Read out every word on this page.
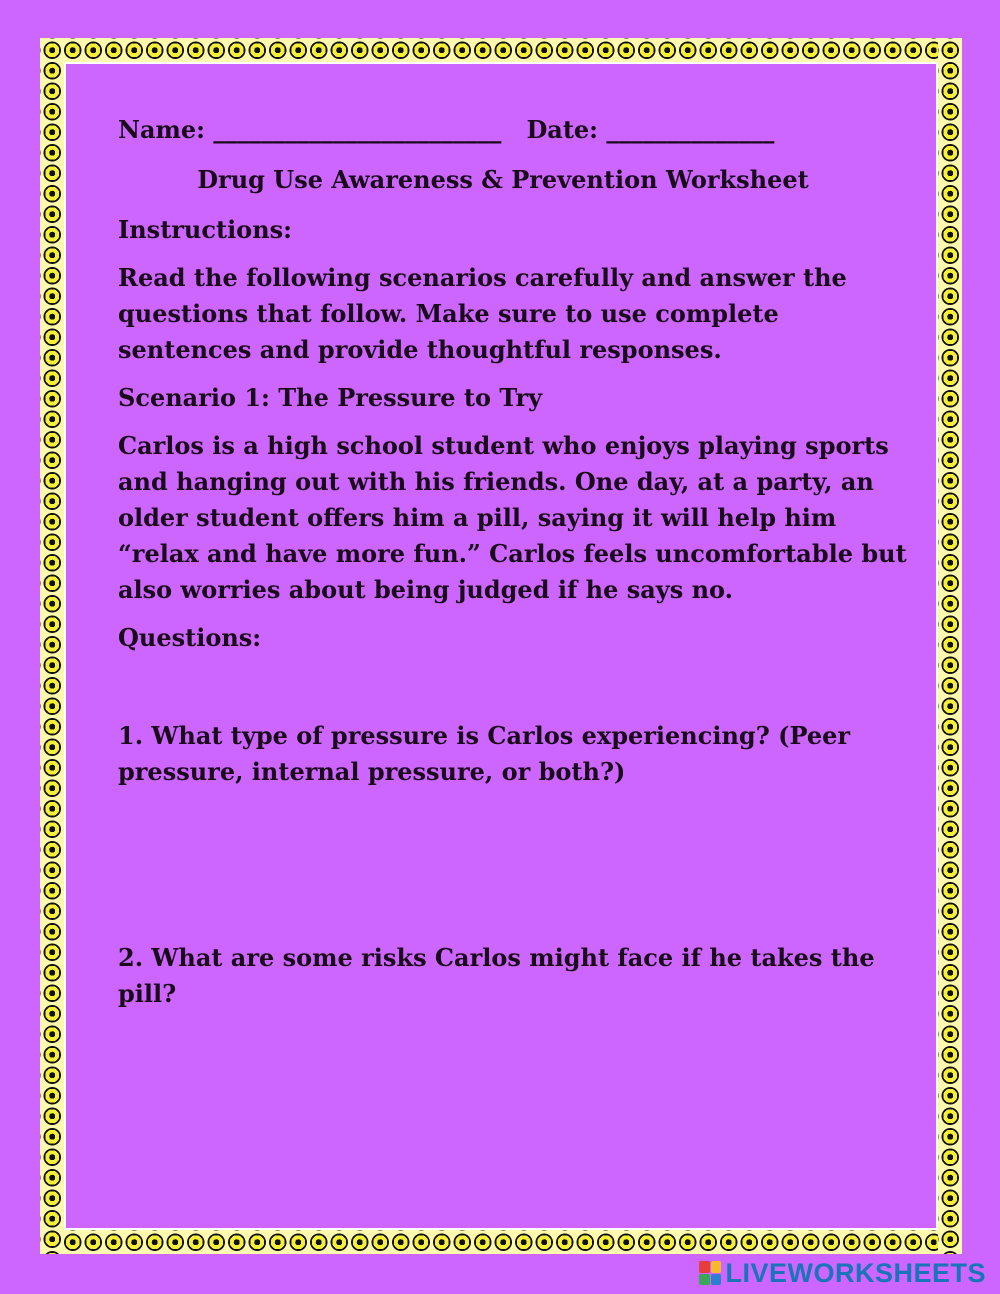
Name: ________________________ Date: ______________

Drug Use Awareness & Prevention Worksheet

Instructions:

Read the following scenarios carefully and answer the questions that follow. Make sure to use complete sentences and provide thoughtful responses.

Scenario 1: The Pressure to Try

Carlos is a high school student who enjoys playing sports and hanging out with his friends. One day, at a party, an older student offers him a pill, saying it will help him “relax and have more fun.” Carlos feels uncomfortable but also worries about being judged if he says no.

Questions:

1. What type of pressure is Carlos experiencing? (Peer pressure, internal pressure, or both?)

2. What are some risks Carlos might face if he takes the pill?

LIVEWORKSHEETS
